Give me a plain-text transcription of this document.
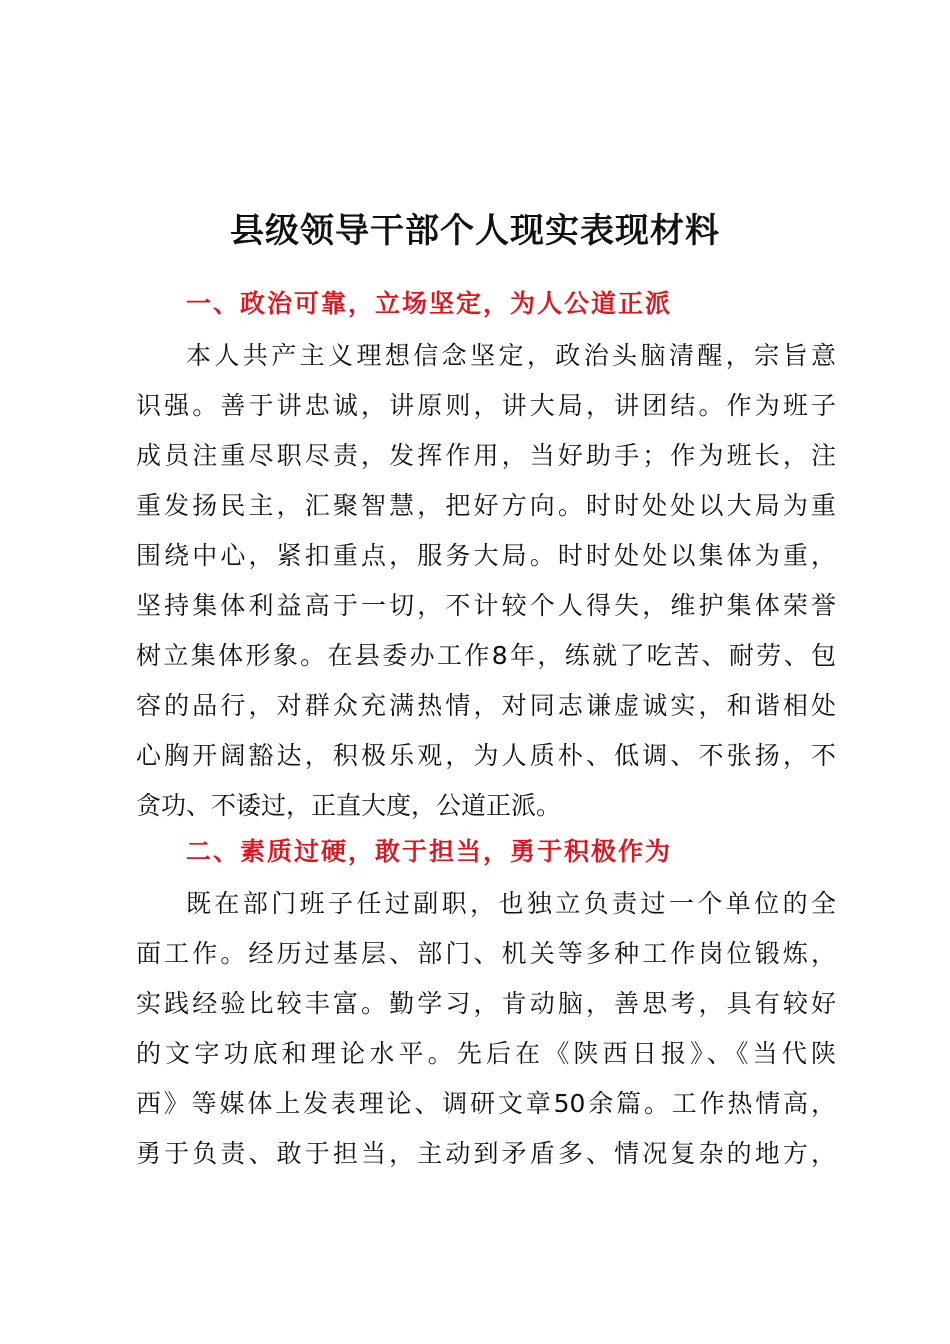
县级领导干部个人现实表现材料
一、政治可靠，立场坚定，为人公道正派
本人共产主义理想信念坚定，政治头脑清醒，宗旨意
识强。善于讲忠诚，讲原则，讲大局，讲团结。作为班子
成员注重尽职尽责，发挥作用，当好助手；作为班长，注
重发扬民主，汇聚智慧，把好方向。时时处处以大局为重
围绕中心，紧扣重点，服务大局。时时处处以集体为重，
坚持集体利益高于一切，不计较个人得失，维护集体荣誉
树立集体形象。在县委办工作8年，练就了吃苦、耐劳、包
容的品行，对群众充满热情，对同志谦虚诚实，和谐相处
心胸开阔豁达，积极乐观，为人质朴、低调、不张扬，不
贪功、不诿过，正直大度，公道正派。
二、素质过硬，敢于担当，勇于积极作为
既在部门班子任过副职，也独立负责过一个单位的全
面工作。经历过基层、部门、机关等多种工作岗位锻炼，
实践经验比较丰富。勤学习，肯动脑，善思考，具有较好
的文字功底和理论水平。先后在《陕西日报》、《当代陕
西》等媒体上发表理论、调研文章50余篇。工作热情高，
勇于负责、敢于担当，主动到矛盾多、情况复杂的地方，
